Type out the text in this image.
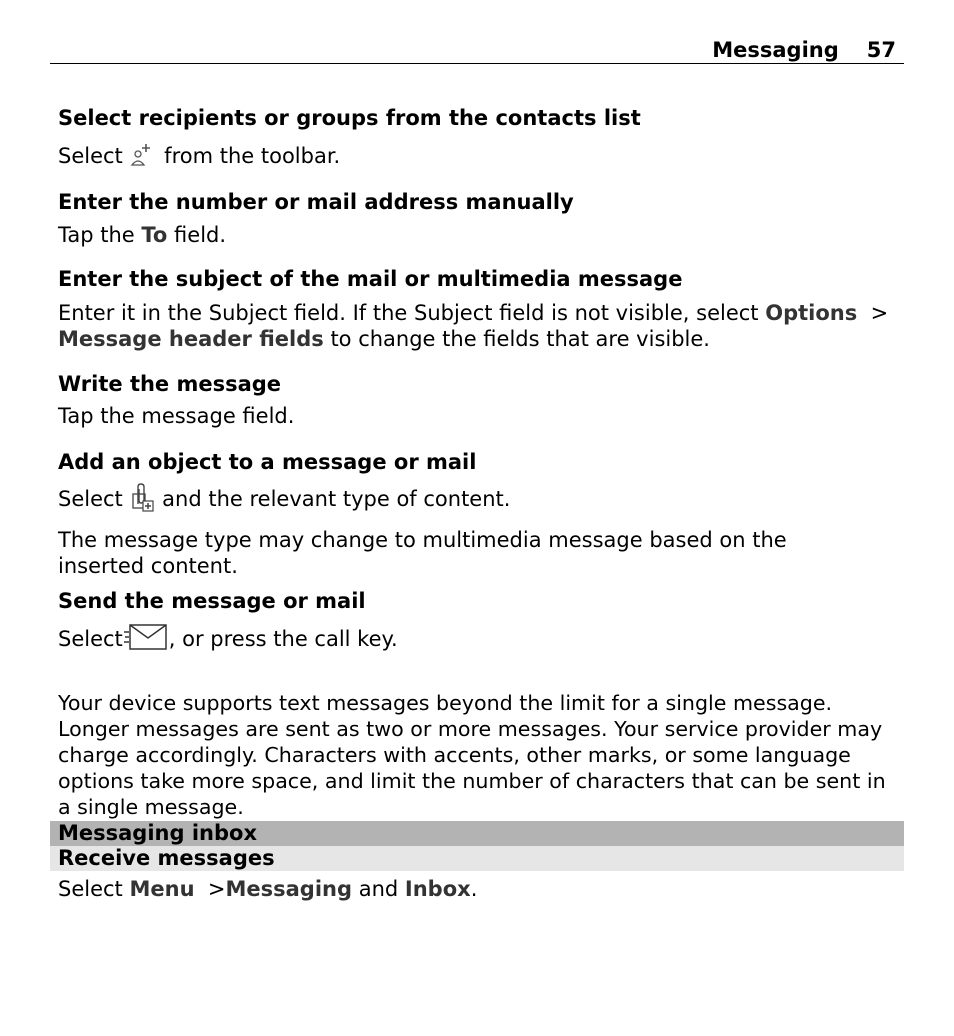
Messaging 57

Select recipients or groups from the contacts list

Select from the toolbar.

Enter the number or mail address manually

Tap the To field.

Enter the subject of the mail or multimedia message

Enter it in the Subject field. If the Subject field is not visible, select Options >

Message header fields to change the fields that are visible.

Write the message

Tap the message field.

Add an object to a message or mail

Select and the relevant type of content.

The message type may change to multimedia message based on the inserted content.

Send the message or mail

Select , or press the call key.

Your device supports text messages beyond the limit for a single message. Longer messages are sent as two or more messages. Your service provider may charge accordingly. Characters with accents, other marks, or some language options take more space, and limit the number of characters that can be sent in a single message.

Messaging inbox
Receive messages

Select Menu >Messaging and Inbox.
